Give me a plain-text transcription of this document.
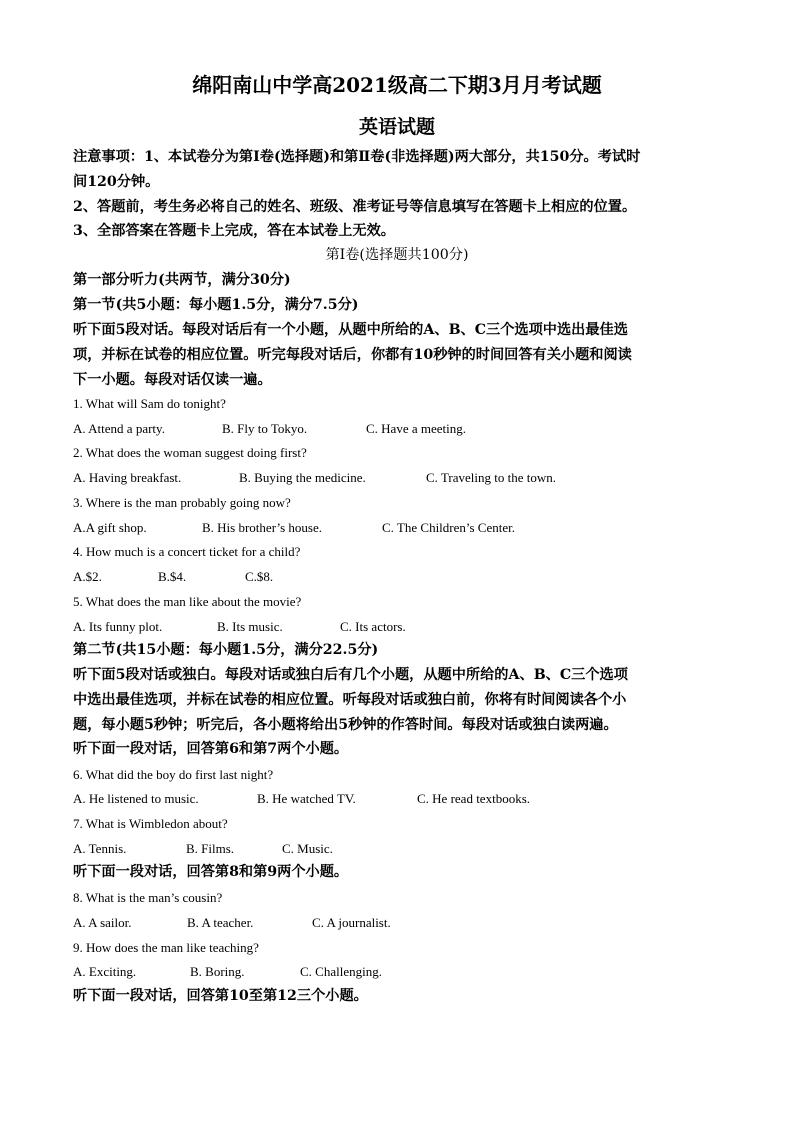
绵阳南山中学高2021级高二下期3月月考试题
英语试题
注意事项：1、本试卷分为第Ⅰ卷(选择题)和第Ⅱ卷(非选择题)两大部分，共150分。考试时
间120分钟。
2、答题前，考生务必将自己的姓名、班级、准考证号等信息填写在答题卡上相应的位置。
3、全部答案在答题卡上完成，答在本试卷上无效。
第Ⅰ卷(选择题共100分)
第一部分听力(共两节，满分30分)
第一节(共5小题：每小题1.5分，满分7.5分)
听下面5段对话。每段对话后有一个小题，从题中所给的A、B、C三个选项中选出最佳选
项，并标在试卷的相应位置。听完每段对话后，你都有10秒钟的时间回答有关小题和阅读
下一小题。每段对话仅读一遍。
1. What will Sam do tonight?
A. Attend a party.	B. Fly to Tokyo.	C. Have a meeting.
2. What does the woman suggest doing first?
A. Having breakfast.	B. Buying the medicine.	C. Traveling to the town.
3. Where is the man probably going now?
A.A gift shop.	B. His brother’s house.	C. The Children’s Center.
4. How much is a concert ticket for a child?
A.$2.	B.$4.	C.$8.
5. What does the man like about the movie?
A. Its funny plot.	B. Its music.	C. Its actors.
第二节(共15小题：每小题1.5分，满分22.5分)
听下面5段对话或独白。每段对话或独白后有几个小题，从题中所给的A、B、C三个选项
中选出最佳选项，并标在试卷的相应位置。听每段对话或独白前，你将有时间阅读各个小
题，每小题5秒钟；听完后，各小题将给出5秒钟的作答时间。每段对话或独白读两遍。
听下面一段对话，回答第6和第7两个小题。
6. What did the boy do first last night?
A. He listened to music.	B. He watched TV.	C. He read textbooks.
7. What is Wimbledon about?
A. Tennis.	B. Films.	C. Music.
听下面一段对话，回答第8和第9两个小题。
8. What is the man’s cousin?
A. A sailor.	B. A teacher.	C. A journalist.
9. How does the man like teaching?
A. Exciting.	B. Boring.	C. Challenging.
听下面一段对话，回答第10至第12三个小题。
